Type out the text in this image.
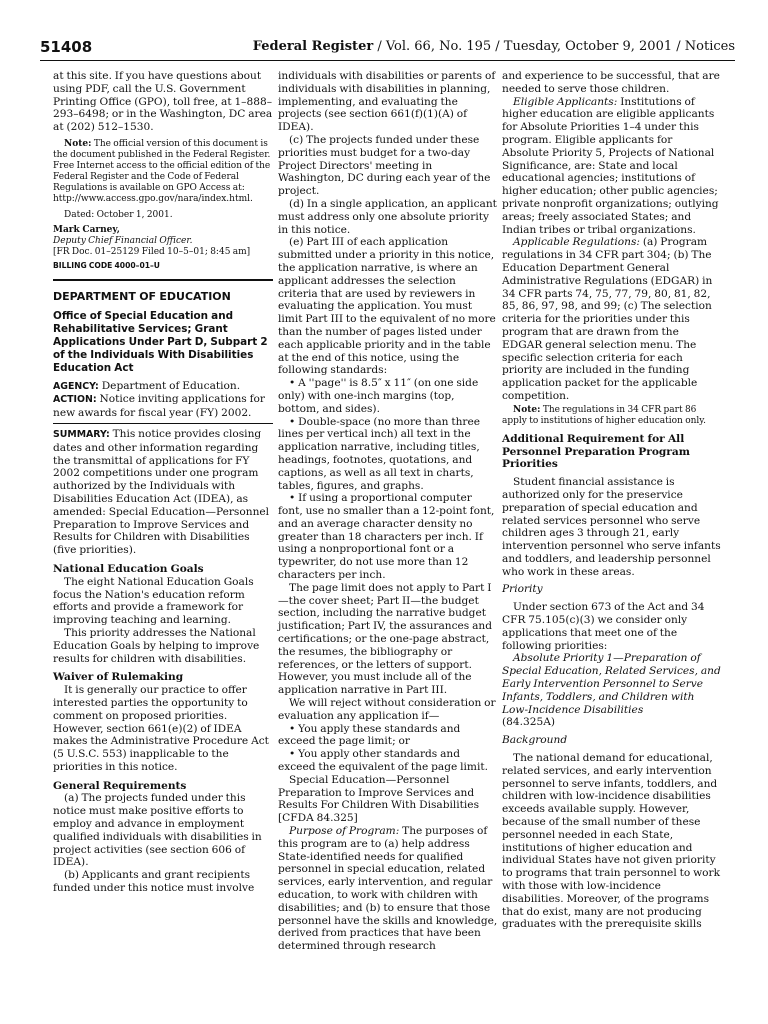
51408	Federal Register / Vol. 66, No. 195 / Tuesday, October 9, 2001 / Notices

at this site. If you have questions about using PDF, call the U.S. Government Printing Office (GPO), toll free, at 1–888–293–6498; or in the Washington, DC area at (202) 512–1530.

Note: The official version of this document is the document published in the Federal Register. Free Internet access to the official edition of the Federal Register and the Code of Federal Regulations is available on GPO Access at: http://www.access.gpo.gov/nara/index.html.

Dated: October 1, 2001.

Mark Carney,

Deputy Chief Financial Officer.

[FR Doc. 01–25129 Filed 10–5–01; 8:45 am]

BILLING CODE 4000–01–U

DEPARTMENT OF EDUCATION

Office of Special Education and Rehabilitative Services; Grant Applications Under Part D, Subpart 2 of the Individuals With Disabilities Education Act

AGENCY: Department of Education.

ACTION: Notice inviting applications for new awards for fiscal year (FY) 2002.

SUMMARY: This notice provides closing dates and other information regarding the transmittal of applications for FY 2002 competitions under one program authorized by the Individuals with Disabilities Education Act (IDEA), as amended: Special Education—Personnel Preparation to Improve Services and Results for Children with Disabilities (five priorities).

National Education Goals

The eight National Education Goals focus the Nation's education reform efforts and provide a framework for improving teaching and learning.

This priority addresses the National Education Goals by helping to improve results for children with disabilities.

Waiver of Rulemaking

It is generally our practice to offer interested parties the opportunity to comment on proposed priorities. However, section 661(e)(2) of IDEA makes the Administrative Procedure Act (5 U.S.C. 553) inapplicable to the priorities in this notice.

General Requirements

(a) The projects funded under this notice must make positive efforts to employ and advance in employment qualified individuals with disabilities in project activities (see section 606 of IDEA).

(b) Applicants and grant recipients funded under this notice must involve

individuals with disabilities or parents of individuals with disabilities in planning, implementing, and evaluating the projects (see section 661(f)(1)(A) of IDEA).

(c) The projects funded under these priorities must budget for a two-day Project Directors' meeting in Washington, DC during each year of the project.

(d) In a single application, an applicant must address only one absolute priority in this notice.

(e) Part III of each application submitted under a priority in this notice, the application narrative, is where an applicant addresses the selection criteria that are used by reviewers in evaluating the application. You must limit Part III to the equivalent of no more than the number of pages listed under each applicable priority and in the table at the end of this notice, using the following standards:

• A ''page'' is 8.5″ x 11″ (on one side only) with one-inch margins (top, bottom, and sides).

• Double-space (no more than three lines per vertical inch) all text in the application narrative, including titles, headings, footnotes, quotations, and captions, as well as all text in charts, tables, figures, and graphs.

• If using a proportional computer font, use no smaller than a 12-point font, and an average character density no greater than 18 characters per inch. If using a nonproportional font or a typewriter, do not use more than 12 characters per inch.

The page limit does not apply to Part I—the cover sheet; Part II—the budget section, including the narrative budget justification; Part IV, the assurances and certifications; or the one-page abstract, the resumes, the bibliography or references, or the letters of support. However, you must include all of the application narrative in Part III.

We will reject without consideration or evaluation any application if—

• You apply these standards and exceed the page limit; or

• You apply other standards and exceed the equivalent of the page limit.

Special Education—Personnel Preparation to Improve Services and Results For Children With Disabilities [CFDA 84.325]

Purpose of Program: The purposes of this program are to (a) help address State-identified needs for qualified personnel in special education, related services, early intervention, and regular education, to work with children with disabilities; and (b) to ensure that those personnel have the skills and knowledge, derived from practices that have been determined through research

and experience to be successful, that are needed to serve those children.

Eligible Applicants: Institutions of higher education are eligible applicants for Absolute Priorities 1–4 under this program. Eligible applicants for Absolute Priority 5, Projects of National Significance, are: State and local educational agencies; institutions of higher education; other public agencies; private nonprofit organizations; outlying areas; freely associated States; and Indian tribes or tribal organizations.

Applicable Regulations: (a) Program regulations in 34 CFR part 304; (b) The Education Department General Administrative Regulations (EDGAR) in 34 CFR parts 74, 75, 77, 79, 80, 81, 82, 85, 86, 97, 98, and 99; (c) The selection criteria for the priorities under this program that are drawn from the EDGAR general selection menu. The specific selection criteria for each priority are included in the funding application packet for the applicable competition.

Note: The regulations in 34 CFR part 86 apply to institutions of higher education only.

Additional Requirement for All Personnel Preparation Program Priorities

Student financial assistance is authorized only for the preservice preparation of special education and related services personnel who serve children ages 3 through 21, early intervention personnel who serve infants and toddlers, and leadership personnel who work in these areas.

Priority

Under section 673 of the Act and 34 CFR 75.105(c)(3) we consider only applications that meet one of the following priorities:

Absolute Priority 1—Preparation of Special Education, Related Services, and Early Intervention Personnel to Serve Infants, Toddlers, and Children with Low-Incidence Disabilities

(84.325A)

Background

The national demand for educational, related services, and early intervention personnel to serve infants, toddlers, and children with low-incidence disabilities exceeds available supply. However, because of the small number of these personnel needed in each State, institutions of higher education and individual States have not given priority to programs that train personnel to work with those with low-incidence disabilities. Moreover, of the programs that do exist, many are not producing graduates with the prerequisite skills
